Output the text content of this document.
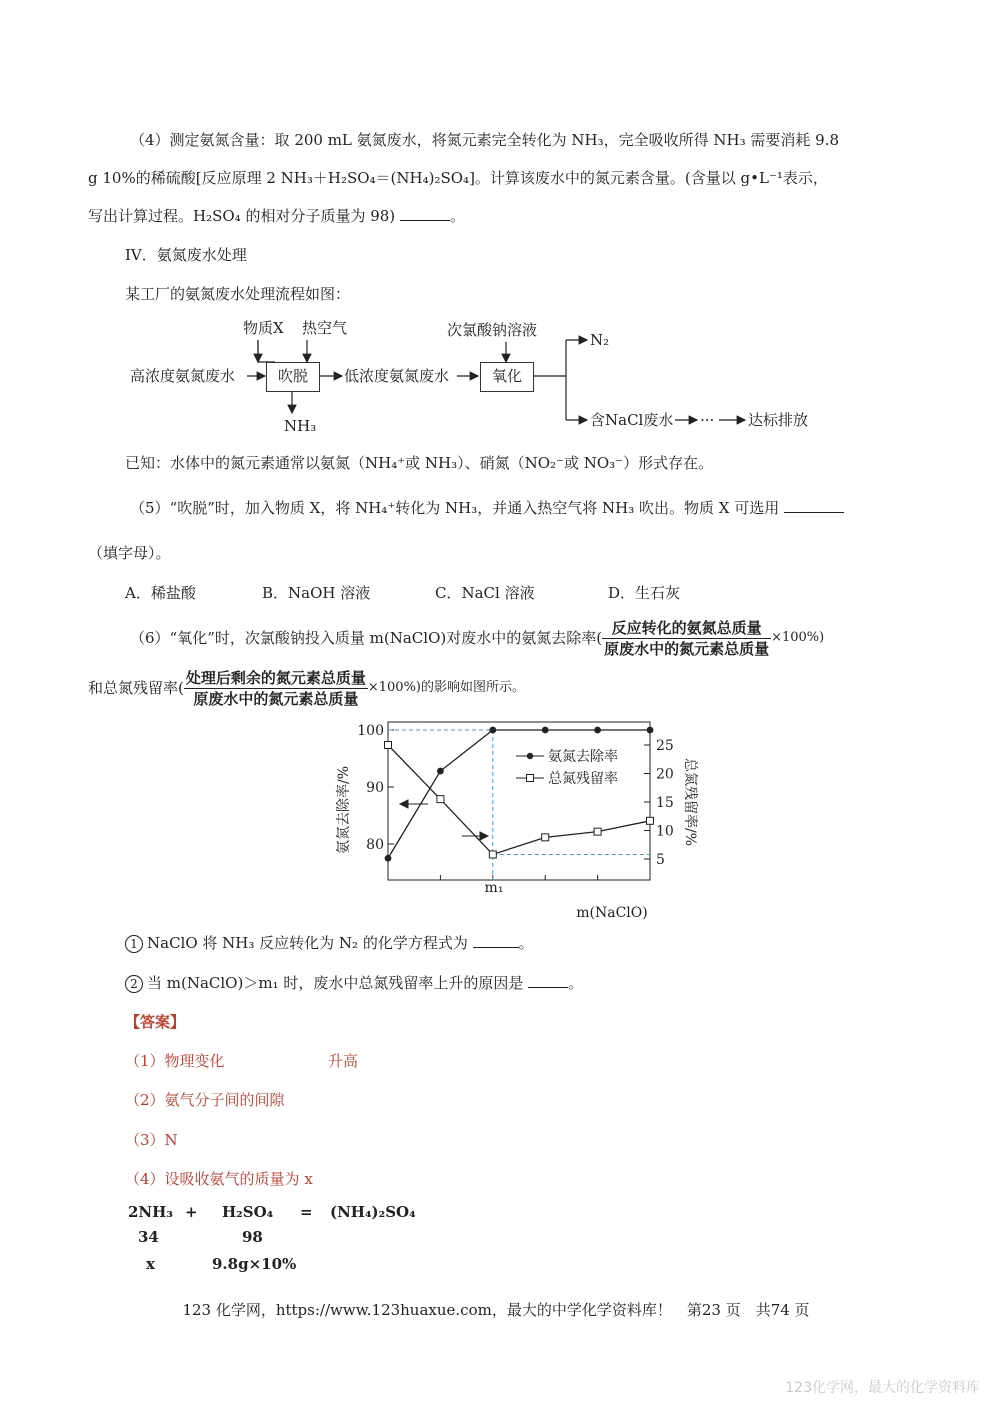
（4）测定氨氮含量：取 200 mL 氨氮废水，将氮元素完全转化为 NH₃，完全吸收所得 NH₃ 需要消耗 9.8
g 10%的稀硫酸[反应原理 2 NH₃＋H₂SO₄＝(NH₄)₂SO₄]。计算该废水中的氮元素含量。(含量以 g•L⁻¹表示，
写出计算过程。H₂SO₄ 的相对分子质量为 98)	。
IV．氨氮废水处理
某工厂的氨氮废水处理流程如图：
物质X 热空气
高浓度氨氮废水	吹脱	低浓度氨氮废水
次氯酸钠溶液
氧化
N₂
NH₃	含NaCl废水 ··· 达标排放
已知：水体中的氮元素通常以氨氮（NH₄⁺或 NH₃）、硝氮（NO₂⁻或 NO₃⁻）形式存在。
（5）“吹脱”时，加入物质 X，将 NH₄⁺转化为 NH₃，并通入热空气将 NH₃ 吹出。物质 X 可选用
（填字母）。
A．稀盐酸	B．NaOH 溶液	C．NaCl 溶液	D．生石灰
（6）“氧化”时，次氯酸钠投入质量 m(NaClO)对废水中的氨氮去除率( $\frac{\text{反应转化的氨氮总质量}}{\text{原废水中的氮元素总质量}} \times 100\%$)
和总氮残留率( $\frac{\text{处理后剩余的氮元素总质量}}{\text{原废水中的氮元素总质量}} \times 100\%$)的影响如图所示。
80
90
100
5
10
15
20
25
氨氮去除率/%	总氮残留率/%
m₁
m(NaClO)
氨氮去除率
总氮残留率
1 NaClO 将 NH₃ 反应转化为 N₂ 的化学方程式为	。
2 当 m(NaClO)＞m₁ 时，废水中总氮残留率上升的原因是	。
【答案】
（1）物理变化	升高
（2）氨气分子间的间隙
（3）N
（4）设吸收氨气的质量为 x
2NH₃ + H₂SO₄ = (NH₄)₂SO₄
34	98
x	9.8g×10%
123 化学网，https://www.123huaxue.com，最大的中学化学资料库！　第23 页　共74 页
123化学网，最大的化学资料库
